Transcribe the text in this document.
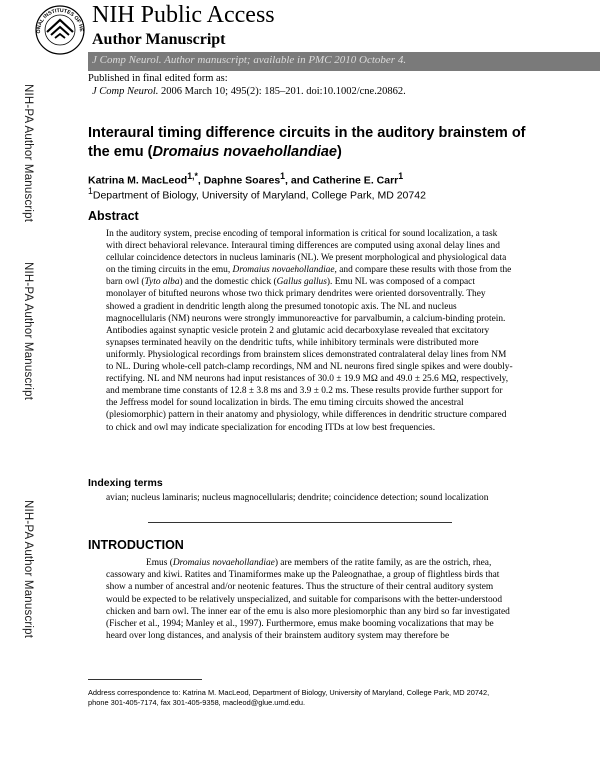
NIH-PA Author Manuscript
NIH-PA Author Manuscript
NIH-PA Author Manuscript
ONAL INSTITUTES OF HE
NIH Public Access
Author Manuscript
J Comp Neurol. Author manuscript; available in PMC 2010 October 4.
Published in final edited form as:
J Comp Neurol. 2006 March 10; 495(2): 185–201. doi:10.1002/cne.20862.
Interaural timing difference circuits in the auditory brainstem of the emu (Dromaius novaehollandiae)
Katrina M. MacLeod$^{1,*}$, Daphne Soares$^1$, and Catherine E. Carr$^1$
$^1$Department of Biology, University of Maryland, College Park, MD 20742
Abstract
In the auditory system, precise encoding of temporal information is critical for sound localization, a task with direct behavioral relevance. Interaural timing differences are computed using axonal delay lines and cellular coincidence detectors in nucleus laminaris (NL). We present morphological and physiological data on the timing circuits in the emu, Dromaius novaehollandiae, and compare these results with those from the barn owl (Tyto alba) and the domestic chick (Gallus gallus). Emu NL was composed of a compact monolayer of bitufted neurons whose two thick primary dendrites were oriented dorsoventrally. They showed a gradient in dendritic length along the presumed tonotopic axis. The NL and nucleus magnocellularis (NM) neurons were strongly immunoreactive for parvalbumin, a calcium-binding protein. Antibodies against synaptic vesicle protein 2 and glutamic acid decarboxylase revealed that excitatory synapses terminated heavily on the dendritic tufts, while inhibitory terminals were distributed more uniformly. Physiological recordings from brainstem slices demonstrated contralateral delay lines from NM to NL. During whole-cell patch-clamp recordings, NM and NL neurons fired single spikes and were doubly-rectifying. NL and NM neurons had input resistances of 30.0 ± 19.9 MΩ and 49.0 ± 25.6 MΩ, respectively, and membrane time constants of 12.8 ± 3.8 ms and 3.9 ± 0.2 ms. These results provide further support for the Jeffress model for sound localization in birds. The emu timing circuits showed the ancestral (plesiomorphic) pattern in their anatomy and physiology, while differences in dendritic structure compared to chick and owl may indicate specialization for encoding ITDs at low best frequencies.
Indexing terms
avian; nucleus laminaris; nucleus magnocellularis; dendrite; coincidence detection; sound localization
INTRODUCTION
Emus (Dromaius novaehollandiae) are members of the ratite family, as are the ostrich, rhea, cassowary and kiwi. Ratites and Tinamiformes make up the Paleognathae, a group of flightless birds that show a number of ancestral and/or neotenic features. Thus the structure of their central auditory system would be expected to be relatively unspecialized, and suitable for comparisons with the better-understood chicken and barn owl. The inner ear of the emu is also more plesiomorphic than any bird so far investigated (Fischer et al., 1994; Manley et al., 1997). Furthermore, emus make booming vocalizations that may be heard over long distances, and analysis of their brainstem auditory system may therefore be
Address correspondence to: Katrina M. MacLeod, Department of Biology, University of Maryland, College Park, MD 20742, phone 301-405-7174, fax 301-405-9358, macleod@glue.umd.edu.
